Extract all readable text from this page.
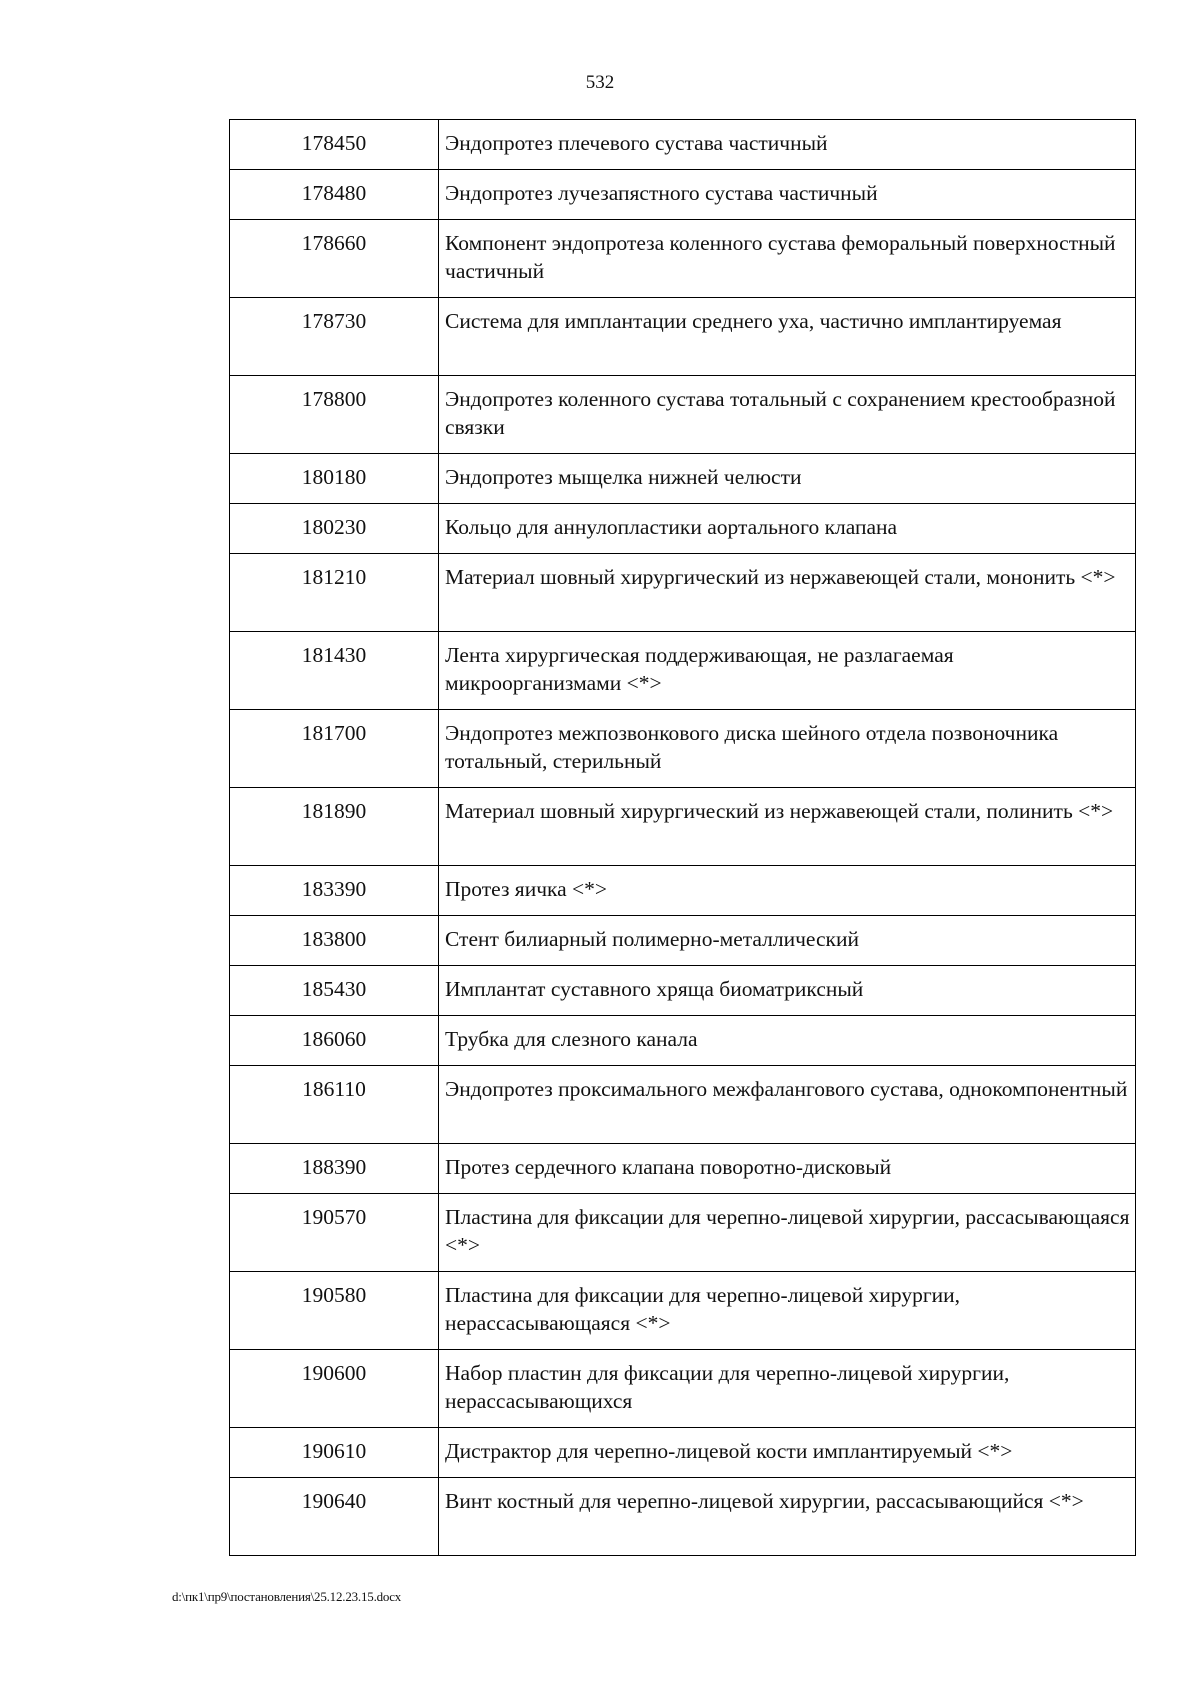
532
178450	Эндопротез плечевого сустава частичный
178480	Эндопротез лучезапястного сустава частичный
178660	Компонент эндопротеза коленного сустава феморальный поверхностный частичный
178730	Система для имплантации среднего уха, частично имплантируемая
178800	Эндопротез коленного сустава тотальный с сохранением крестообразной связки
180180	Эндопротез мыщелка нижней челюсти
180230	Кольцо для аннулопластики аортального клапана
181210	Материал шовный хирургический из нержавеющей стали, мононить <*>
181430	Лента хирургическая поддерживающая, не разлагаемая микроорганизмами <*>
181700	Эндопротез межпозвонкового диска шейного отдела позвоночника тотальный, стерильный
181890	Материал шовный хирургический из нержавеющей стали, полинить <*>
183390	Протез яичка <*>
183800	Стент билиарный полимерно-металлический
185430	Имплантат суставного хряща биоматриксный
186060	Трубка для слезного канала
186110	Эндопротез проксимального межфалангового сустава, однокомпонентный
188390	Протез сердечного клапана поворотно-дисковый
190570	Пластина для фиксации для черепно-лицевой хирургии, рассасывающаяся <*>
190580	Пластина для фиксации для черепно-лицевой хирургии, нерассасывающаяся <*>
190600	Набор пластин для фиксации для черепно-лицевой хирургии, нерассасывающихся
190610	Дистрактор для черепно-лицевой кости имплантируемый <*>
190640	Винт костный для черепно-лицевой хирургии, рассасывающийся <*>
d:\пк1\пр9\постановления\25.12.23.15.docx
